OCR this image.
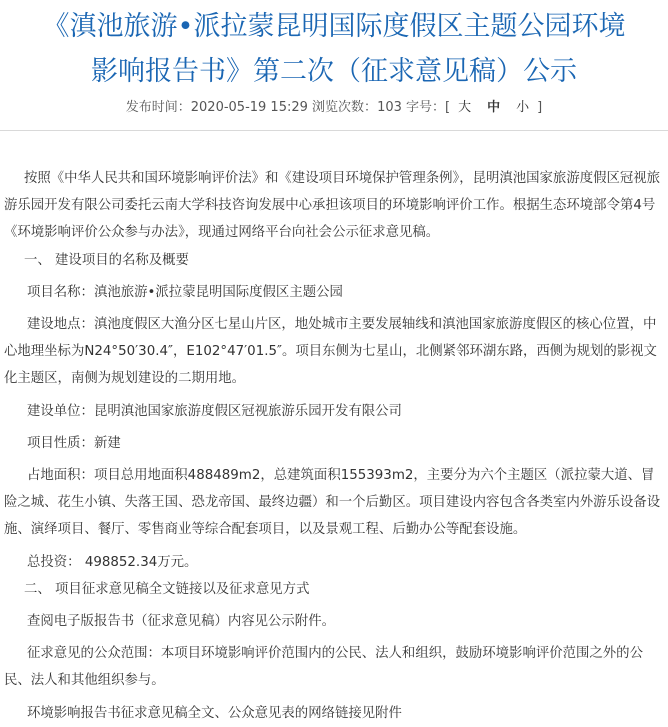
《滇池旅游•派拉蒙昆明国际度假区主题公园环境
影响报告书》第二次（征求意见稿）公示
发布时间：2020-05-19 15:29 浏览次数：103 字号：[ 大 中 小 ]

按照《中华人民共和国环境影响评价法》和《建设项目环境保护管理条例》，昆明滇池国家旅游度假区冠视旅游乐园开发有限公司委托云南大学科技咨询发展中心承担该项目的环境影响评价工作。根据生态环境部令第4号《环境影响评价公众参与办法》，现通过网络平台向社会公示征求意见稿。

一、 建设项目的名称及概要

项目名称：滇池旅游•派拉蒙昆明国际度假区主题公园

建设地点：滇池度假区大渔分区七星山片区，地处城市主要发展轴线和滇池国家旅游度假区的核心位置，中心地理坐标为N24°50′30.4″，E102°47′01.5″。项目东侧为七星山，北侧紧邻环湖东路，西侧为规划的影视文化主题区，南侧为规划建设的二期用地。

建设单位：昆明滇池国家旅游度假区冠视旅游乐园开发有限公司

项目性质：新建

占地面积：项目总用地面积488489m2，总建筑面积155393m2，主要分为六个主题区（派拉蒙大道、冒险之城、花生小镇、失落王国、恐龙帝国、最终边疆）和一个后勤区。项目建设内容包含各类室内外游乐设备设施、演绎项目、餐厅、零售商业等综合配套项目，以及景观工程、后勤办公等配套设施。

总投资： 498852.34万元。

二、 项目征求意见稿全文链接以及征求意见方式

查阅电子版报告书（征求意见稿）内容见公示附件。

征求意见的公众范围：本项目环境影响评价范围内的公民、法人和组织，鼓励环境影响评价范围之外的公民、法人和其他组织参与。

环境影响报告书征求意见稿全文、公众意见表的网络链接见附件
